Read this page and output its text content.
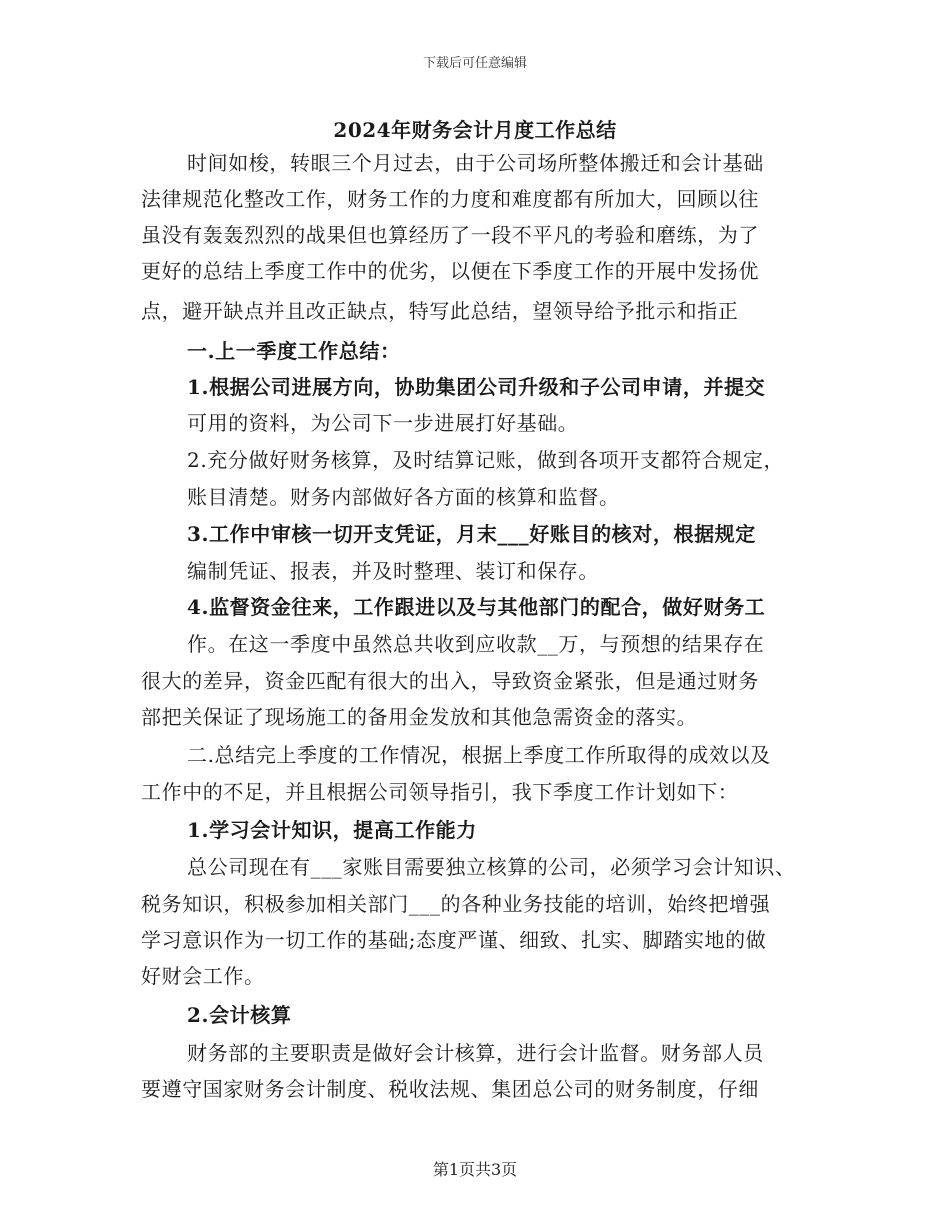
下载后可任意编辑
2024年财务会计月度工作总结
时间如梭，转眼三个月过去，由于公司场所整体搬迁和会计基础
法律规范化整改工作，财务工作的力度和难度都有所加大，回顾以往
虽没有轰轰烈烈的战果但也算经历了一段不平凡的考验和磨练，为了
更好的总结上季度工作中的优劣，以便在下季度工作的开展中发扬优
点，避开缺点并且改正缺点，特写此总结，望领导给予批示和指正
一.上一季度工作总结：
1.根据公司进展方向，协助集团公司升级和子公司申请，并提交
可用的资料，为公司下一步进展打好基础。
2.充分做好财务核算，及时结算记账，做到各项开支都符合规定，
账目清楚。财务内部做好各方面的核算和监督。
3.工作中审核一切开支凭证，月末___好账目的核对，根据规定
编制凭证、报表，并及时整理、装订和保存。
4.监督资金往来，工作跟进以及与其他部门的配合，做好财务工
作。在这一季度中虽然总共收到应收款__万，与预想的结果存在
很大的差异，资金匹配有很大的出入，导致资金紧张，但是通过财务
部把关保证了现场施工的备用金发放和其他急需资金的落实。
二.总结完上季度的工作情况，根据上季度工作所取得的成效以及
工作中的不足，并且根据公司领导指引，我下季度工作计划如下：
1.学习会计知识，提高工作能力
总公司现在有___家账目需要独立核算的公司，必须学习会计知识、
税务知识，积极参加相关部门___的各种业务技能的培训，始终把增强
学习意识作为一切工作的基础;态度严谨、细致、扎实、脚踏实地的做
好财会工作。
2.会计核算
财务部的主要职责是做好会计核算，进行会计监督。财务部人员
要遵守国家财务会计制度、税收法规、集团总公司的财务制度，仔细
第1页共3页
